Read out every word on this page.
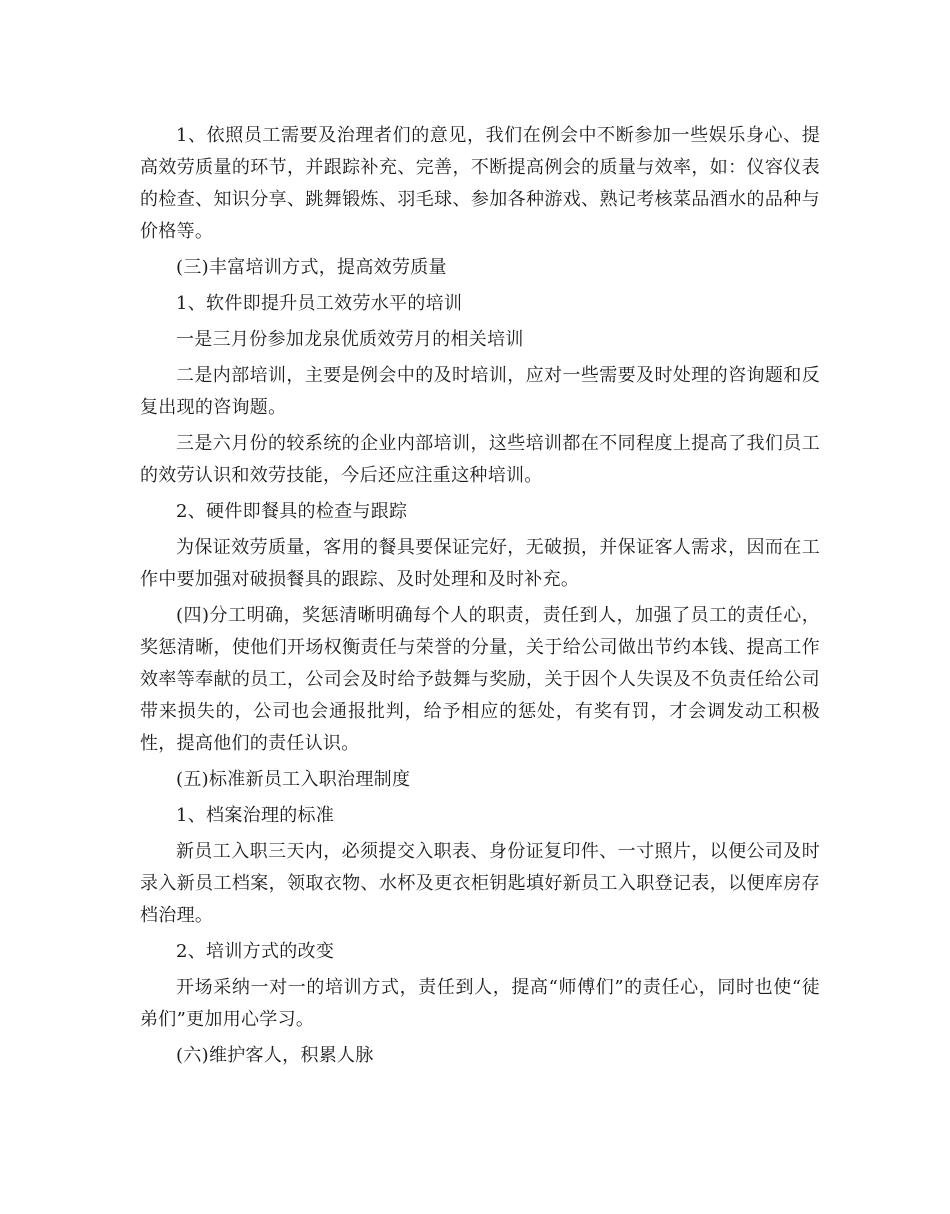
1、依照员工需要及治理者们的意见，我们在例会中不断参加一些娱乐身心、提高效劳质量的环节，并跟踪补充、完善，不断提高例会的质量与效率，如：仪容仪表的检查、知识分享、跳舞锻炼、羽毛球、参加各种游戏、熟记考核菜品酒水的品种与价格等。

(三)丰富培训方式，提高效劳质量

1、软件即提升员工效劳水平的培训

一是三月份参加龙泉优质效劳月的相关培训

二是内部培训，主要是例会中的及时培训，应对一些需要及时处理的咨询题和反复出现的咨询题。

三是六月份的较系统的企业内部培训，这些培训都在不同程度上提高了我们员工的效劳认识和效劳技能，今后还应注重这种培训。

2、硬件即餐具的检查与跟踪

为保证效劳质量，客用的餐具要保证完好，无破损，并保证客人需求，因而在工作中要加强对破损餐具的跟踪、及时处理和及时补充。

(四)分工明确，奖惩清晰明确每个人的职责，责任到人，加强了员工的责任心，奖惩清晰，使他们开场权衡责任与荣誉的分量，关于给公司做出节约本钱、提高工作效率等奉献的员工，公司会及时给予鼓舞与奖励，关于因个人失误及不负责任给公司带来损失的，公司也会通报批判，给予相应的惩处，有奖有罚，才会调发动工积极性，提高他们的责任认识。

(五)标准新员工入职治理制度

1、档案治理的标准

新员工入职三天内，必须提交入职表、身份证复印件、一寸照片，以便公司及时录入新员工档案，领取衣物、水杯及更衣柜钥匙填好新员工入职登记表，以便库房存档治理。

2、培训方式的改变

开场采纳一对一的培训方式，责任到人，提高“师傅们”的责任心，同时也使“徒弟们”更加用心学习。

(六)维护客人，积累人脉
